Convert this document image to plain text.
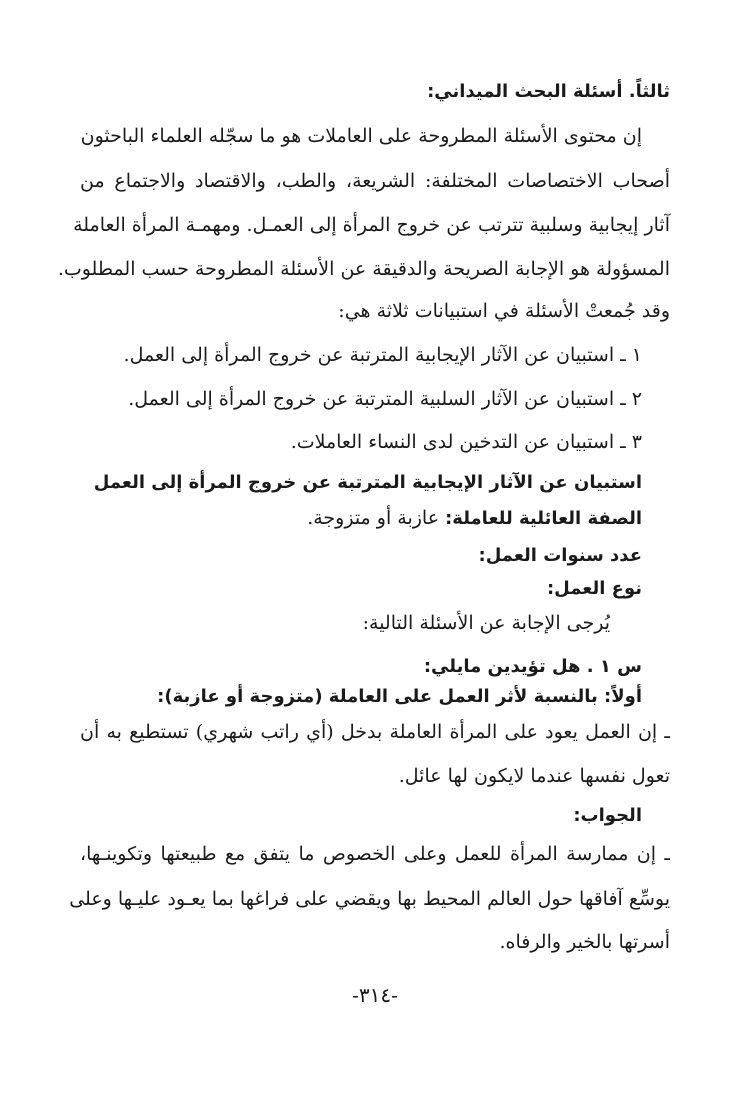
ثالثاً. أسئلة البحث الميداني:
إن محتوى الأسئلة المطروحة على العاملات هو ما سجّله العلماء الباحثون
أصحاب الاختصاصات المختلفة: الشريعة، والطب، والاقتصاد والاجتماع من
آثار إيجابية وسلبية تترتب عن خروج المرأة إلى العمـل. ومهمـة المرأة العاملة
المسؤولة هو الإجابة الصريحة والدقيقة عن الأسئلة المطروحة حسب المطلوب.
وقد جُمعتْ الأسئلة في استبيانات ثلاثة هي:
١ ـ استبيان عن الآثار الإيجابية المترتبة عن خروج المرأة إلى العمل.
٢ ـ استبيان عن الآثار السلبية المترتبة عن خروج المرأة إلى العمل.
٣ ـ استبيان عن التدخين لدى النساء العاملات.
استبيان عن الآثار الإيجابية المترتبة عن خروج المرأة إلى العمل
الصفة العائلية للعاملة: عازبة أو متزوجة.
عدد سنوات العمل:
نوع العمل:
يُرجى الإجابة عن الأسئلة التالية:
س ١ . هل تؤيدين مايلي:
أولاً: بالنسبة لأثر العمل على العاملة (متزوجة أو عازبة):
ـ إن العمل يعود على المرأة العاملة بدخل (أي راتب شهري) تستطيع به أن
تعول نفسها عندما لايكون لها عائل.
الجواب:
ـ إن ممارسة المرأة للعمل وعلى الخصوص ما يتفق مع طبيعتها وتكوينـها،
يوسِّع آفاقها حول العالم المحيط بها ويقضي على فراغها بما يعـود عليـها وعلى
أسرتها بالخير والرفاه.
-٣١٤-
